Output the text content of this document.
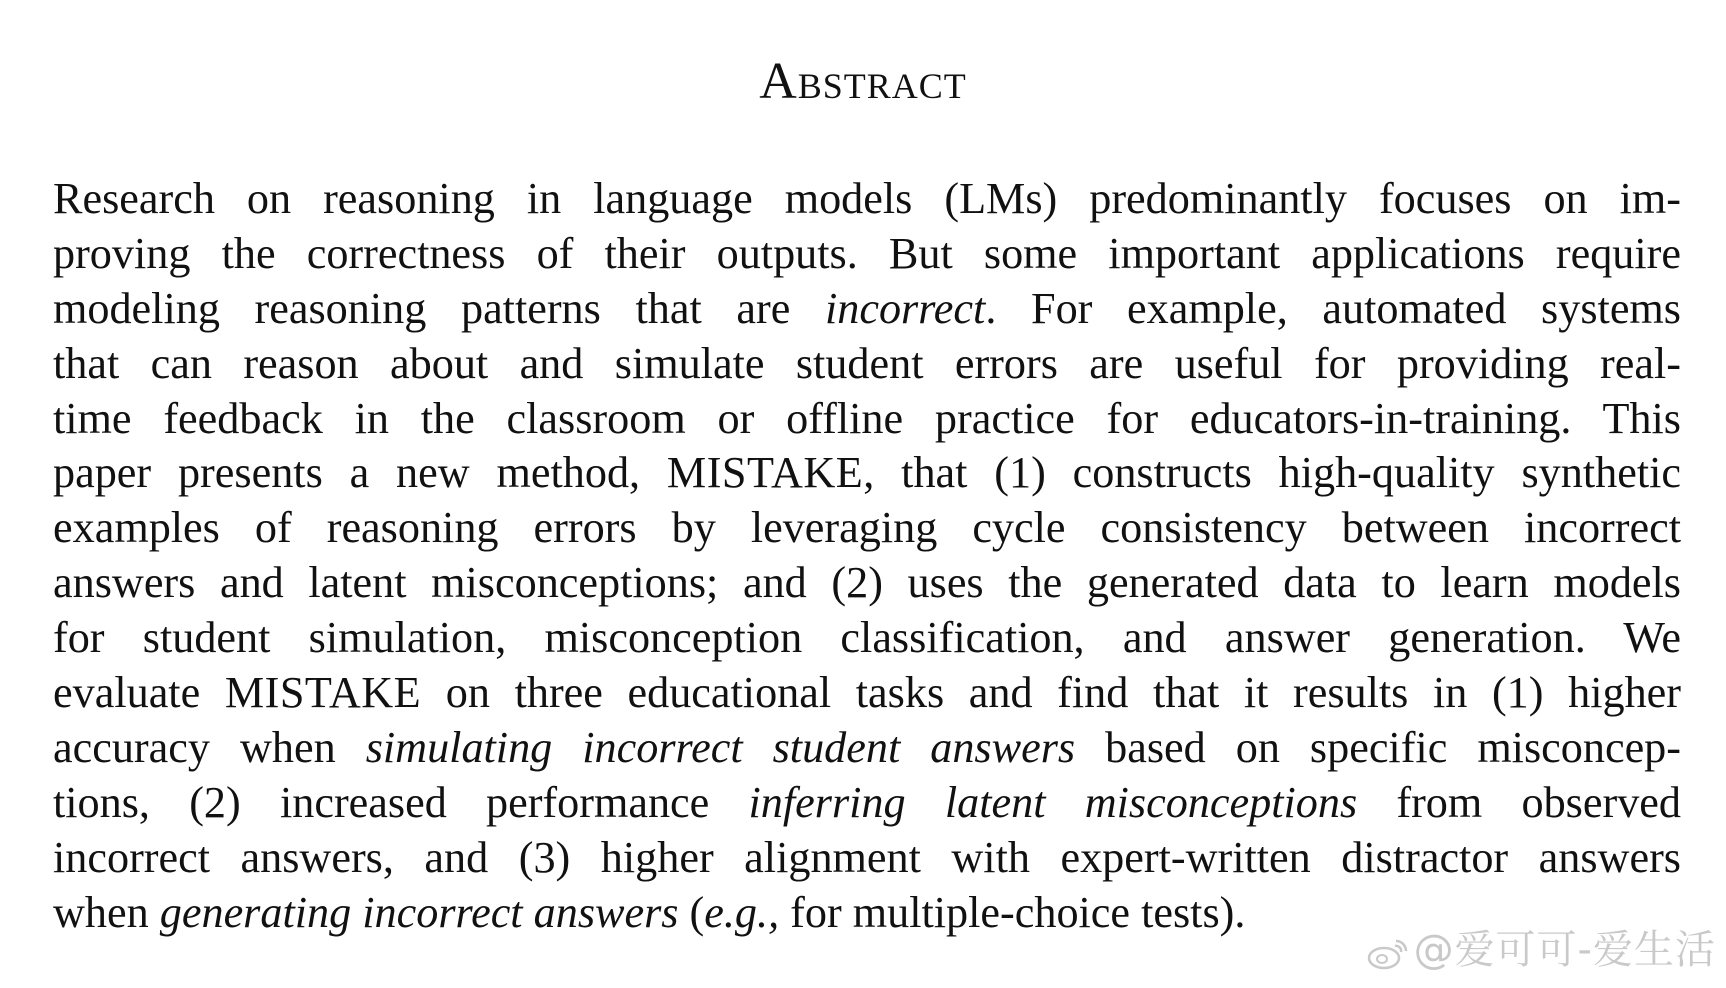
Abstract
Research on reasoning in language models (LMs) predominantly focuses on im-
proving the correctness of their outputs. But some important applications require
modeling reasoning patterns that are incorrect. For example, automated systems
that can reason about and simulate student errors are useful for providing real-
time feedback in the classroom or offline practice for educators-in-training. This
paper presents a new method, MISTAKE, that (1) constructs high-quality synthetic
examples of reasoning errors by leveraging cycle consistency between incorrect
answers and latent misconceptions; and (2) uses the generated data to learn models
for student simulation, misconception classification, and answer generation. We
evaluate MISTAKE on three educational tasks and find that it results in (1) higher
accuracy when simulating incorrect student answers based on specific misconcep-
tions, (2) increased performance inferring latent misconceptions from observed
incorrect answers, and (3) higher alignment with expert-written distractor answers
when generating incorrect answers (e.g., for multiple-choice tests).
@爱可可-爱生活
